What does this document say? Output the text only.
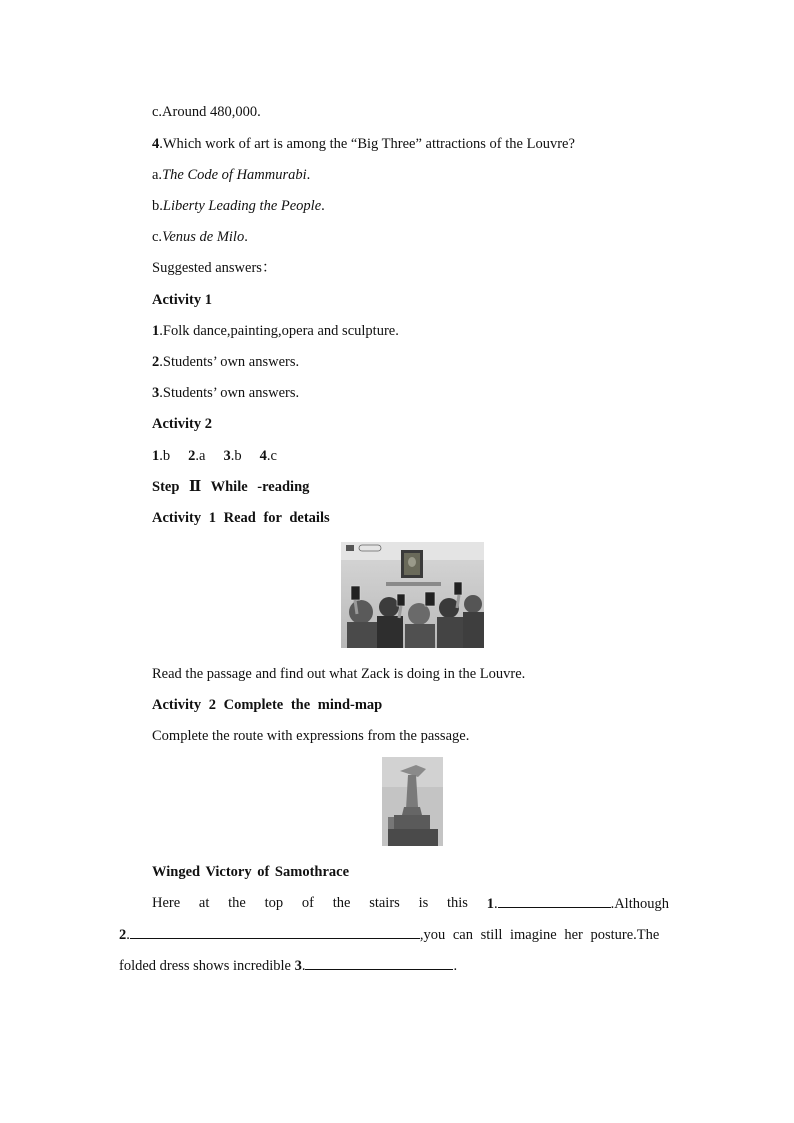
c.Around 480,000.
4.Which work of art is among the “Big Three” attractions of the Louvre?
a.The Code of Hammurabi.
b.Liberty Leading the People.
c.Venus de Milo.
Suggested answers：
Activity 1
1.Folk dance,painting,opera and sculpture.
2.Students’ own answers.
3.Students’ own answers.
Activity 2
1.b 2.a 3.b 4.c
Step Ⅱ While -reading
Activity 1 Read for details
Read the passage and find out what Zack is doing in the Louvre.
Activity 2 Complete the mind-map
Complete the route with expressions from the passage.
Winged Victory of Samothrace
Here at the top of the stairs is this 1.	.Although
2.	,you can still imagine her posture.The
folded dress shows incredible 3.	.
